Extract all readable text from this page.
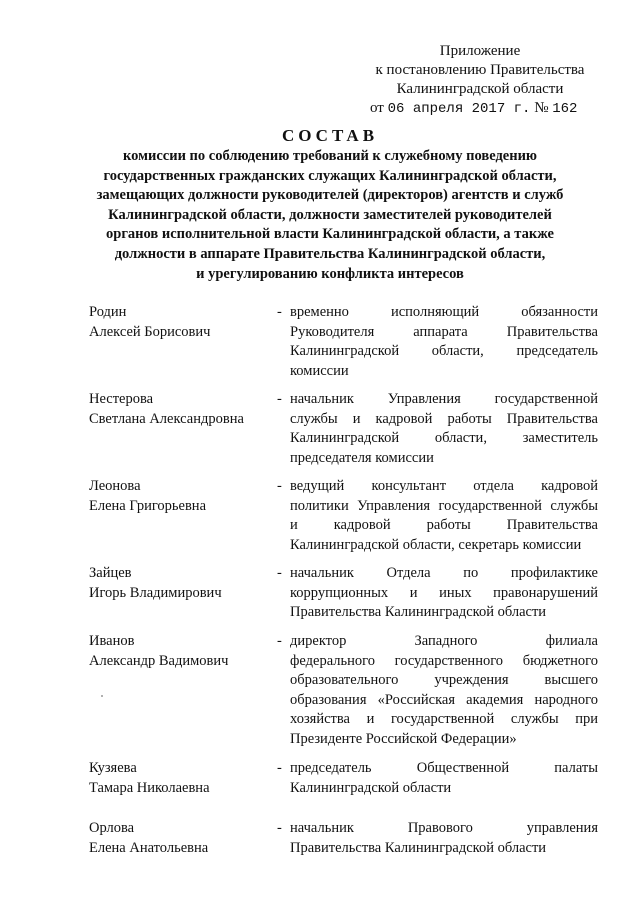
Приложение
к постановлению Правительства
Калининградской области
от 06 апреля 2017 г. № 162
СОСТАВ
комиссии по соблюдению требований к служебному поведению
государственных гражданских служащих Калининградской области,
замещающих должности руководителей (директоров) агентств и служб
Калининградской области, должности заместителей руководителей
органов исполнительной власти Калининградской области, а также
должности в аппарате Правительства Калининградской области,
и урегулированию конфликта интересов
Родин
Алексей Борисович
- временно исполняющий обязанности
Руководителя аппарата Правительства
Калининградской области, председатель
комиссии
Нестерова
Светлана Александровна
- начальник Управления государственной
службы и кадровой работы Правительства
Калининградской области, заместитель
председателя комиссии
Леонова
Елена Григорьевна
- ведущий консультант отдела кадровой
политики Управления государственной службы
и кадровой работы Правительства
Калининградской области, секретарь комиссии
Зайцев
Игорь Владимирович
- начальник Отдела по профилактике
коррупционных и иных правонарушений
Правительства Калининградской области
Иванов
Александр Вадимович
- директор Западного филиала
федерального государственного бюджетного
образовательного учреждения высшего
образования «Российская академия народного
хозяйства и государственной службы при
Президенте Российской Федерации»
Кузяева
Тамара Николаевна
- председатель Общественной палаты
Калининградской области
Орлова
Елена Анатольевна
- начальник Правового управления
Правительства Калининградской области
